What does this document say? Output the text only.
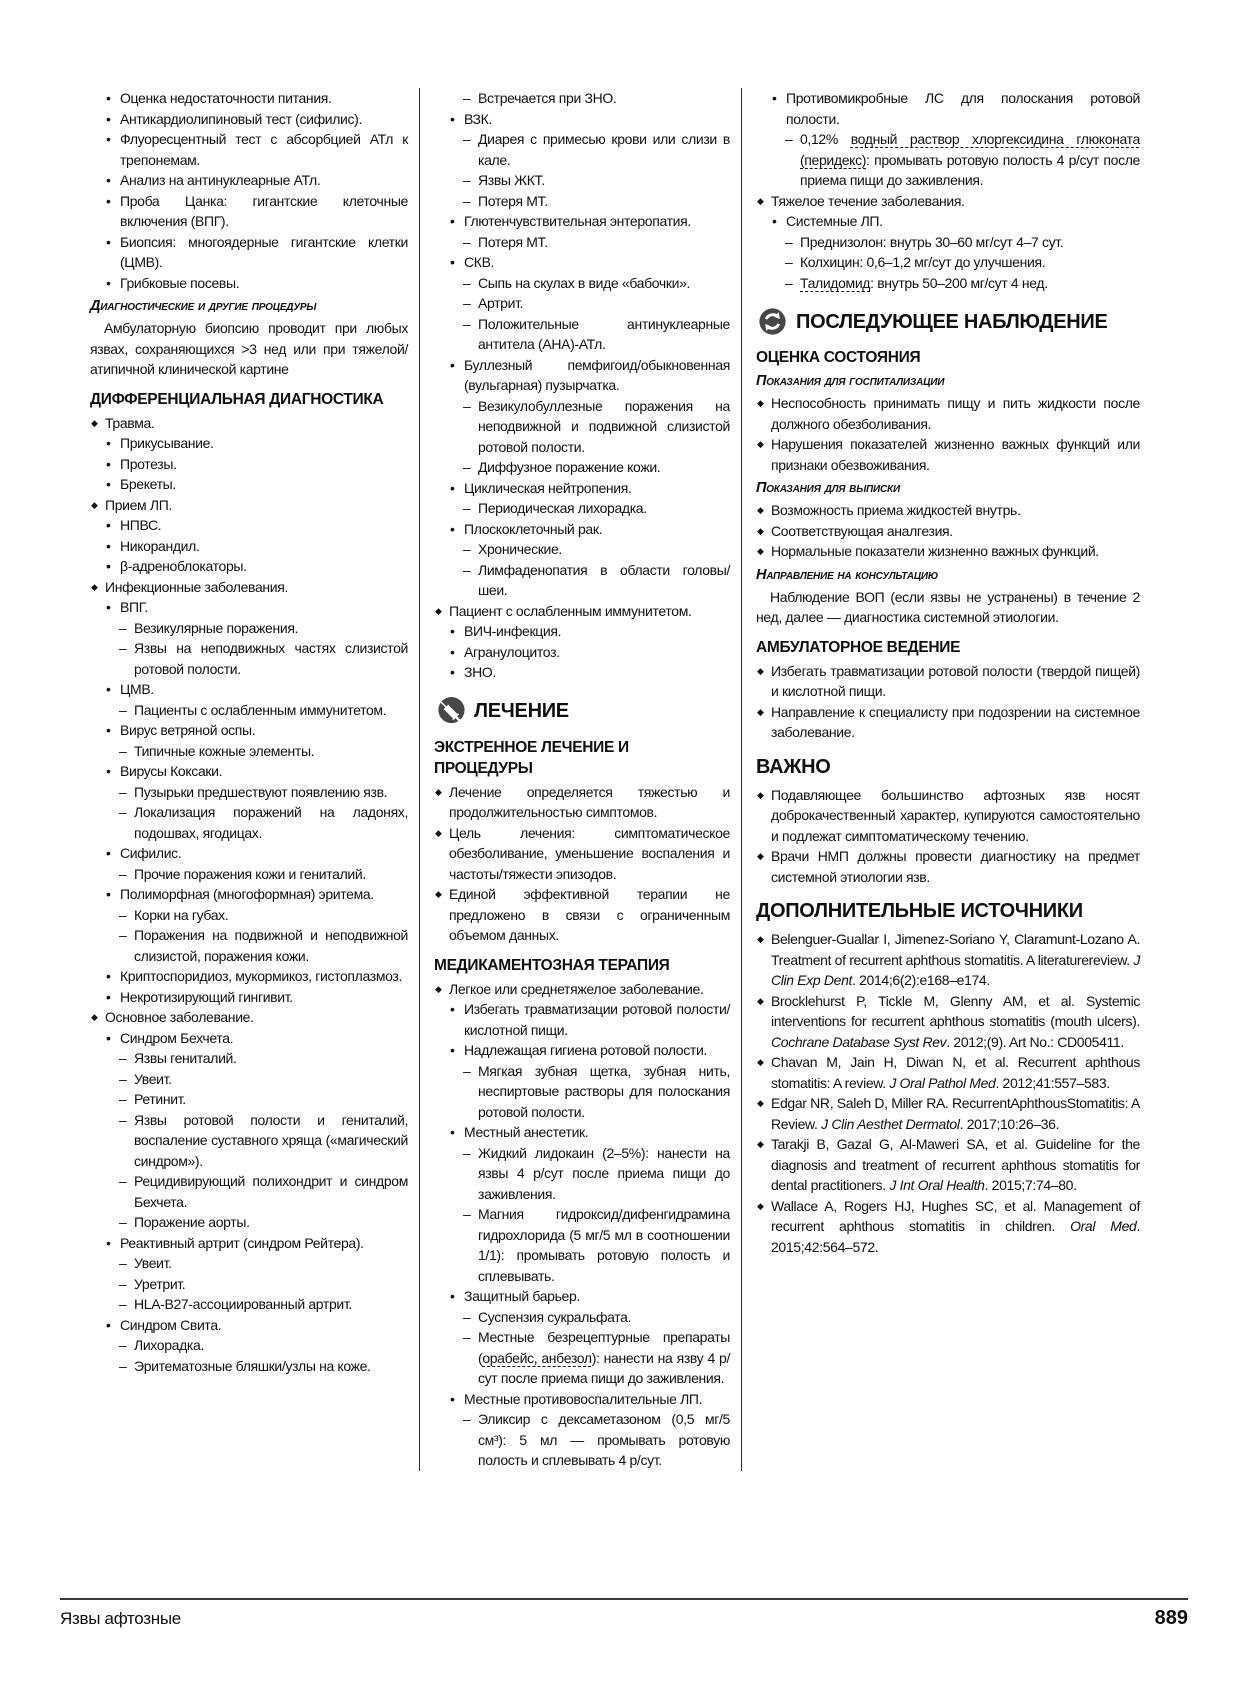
• Оценка недостаточности питания.
• Антикардиолипиновый тест (сифилис).
• Флуоресцентный тест с абсорбцией АТл к трепонемам.
• Анализ на антинуклеарные АТл.
• Проба Цанка: гигантские клеточные включения (ВПГ).
• Биопсия: многоядерные гигантские клетки (ЦМВ).
• Грибковые посевы.
Диагностические и другие процедуры
Амбулаторную биопсию проводит при любых язвах, сохраняющихся >3 нед или при тяжелой/атипичной клинической картине
ДИФФЕРЕНЦИАЛЬНАЯ ДИАГНОСТИКА
◆ Травма.
• Прикусывание.
• Протезы.
• Брекеты.
◆ Прием ЛП.
• НПВС.
• Никорандил.
• β-адреноблокаторы.
◆ Инфекционные заболевания.
• ВПГ.
– Везикулярные поражения.
– Язвы на неподвижных частях слизистой ротовой полости.
• ЦМВ.
– Пациенты с ослабленным иммунитетом.
• Вирус ветряной оспы.
– Типичные кожные элементы.
• Вирусы Коксаки.
– Пузырьки предшествуют появлению язв.
– Локализация поражений на ладонях, подошвах, ягодицах.
• Сифилис.
– Прочие поражения кожи и гениталий.
• Полиморфная (многоформная) эритема.
– Корки на губах.
– Поражения на подвижной и неподвижной слизистой, поражения кожи.
• Криптоспоридиоз, мукормикоз, гистоплазмоз.
• Некротизирующий гингивит.
◆ Основное заболевание.
• Синдром Бехчета.
– Язвы гениталий.
– Увеит.
– Ретинит.
– Язвы ротовой полости и гениталий, воспаление суставного хряща («магический синдром»).
– Рецидивирующий полихондрит и синдром Бехчета.
– Поражение аорты.
• Реактивный артрит (синдром Рейтера).
– Увеит.
– Уретрит.
– HLA-B27-ассоциированный артрит.
• Синдром Свита.
– Лихорадка.
– Эритематозные бляшки/узлы на коже.
– Встречается при ЗНО.
• ВЗК.
– Диарея с примесью крови или слизи в кале.
– Язвы ЖКТ.
– Потеря МТ.
• Глютенчувствительная энтеропатия.
– Потеря МТ.
• СКВ.
– Сыпь на скулах в виде «бабочки».
– Артрит.
– Положительные антинуклеарные антитела (АНА)-АТл.
• Буллезный пемфигоид/обыкновенная (вульгарная) пузырчатка.
– Везикулобуллезные поражения на неподвижной и подвижной слизистой ротовой полости.
– Диффузное поражение кожи.
• Циклическая нейтропения.
– Периодическая лихорадка.
• Плоскоклеточный рак.
– Хронические.
– Лимфаденопатия в области головы/шеи.
◆ Пациент с ослабленным иммунитетом.
• ВИЧ-инфекция.
• Агранулоцитоз.
• ЗНО.
ЛЕЧЕНИЕ
ЭКСТРЕННОЕ ЛЕЧЕНИЕ И ПРОЦЕДУРЫ
◆ Лечение определяется тяжестью и продолжительностью симптомов.
◆ Цель лечения: симптоматическое обезболивание, уменьшение воспаления и частоты/тяжести эпизодов.
◆ Единой эффективной терапии не предложено в связи с ограниченным объемом данных.
МЕДИКАМЕНТОЗНАЯ ТЕРАПИЯ
◆ Легкое или среднетяжелое заболевание.
• Избегать травматизации ротовой полости/кислотной пищи.
• Надлежащая гигиена ротовой полости.
– Мягкая зубная щетка, зубная нить, неспиртовые растворы для полоскания ротовой полости.
• Местный анестетик.
– Жидкий лидокаин (2–5%): нанести на язвы 4 р/сут после приема пищи до заживления.
– Магния гидроксид/дифенгидрамина гидрохлорида (5 мг/5 мл в соотношении 1/1): промывать ротовую полость и сплевывать.
• Защитный барьер.
– Суспензия сукральфата.
– Местные безрецептурные препараты (орабейс, анбезол): нанести на язву 4 р/сут после приема пищи до заживления.
• Местные противовоспалительные ЛП.
– Эликсир с дексаметазоном (0,5 мг/5 см³): 5 мл — промывать ротовую полость и сплевывать 4 р/сут.
• Противомикробные ЛС для полоскания ротовой полости.
– 0,12% водный раствор хлоргексидина глюконата (перидекс): промывать ротовую полость 4 р/сут после приема пищи до заживления.
◆ Тяжелое течение заболевания.
• Системные ЛП.
– Преднизолон: внутрь 30–60 мг/сут 4–7 сут.
– Колхицин: 0,6–1,2 мг/сут до улучшения.
– Талидомид: внутрь 50–200 мг/сут 4 нед.
ПОСЛЕДУЮЩЕЕ НАБЛЮДЕНИЕ
ОЦЕНКА СОСТОЯНИЯ
Показания для госпитализации
◆ Неспособность принимать пищу и пить жидкости после должного обезболивания.
◆ Нарушения показателей жизненно важных функций или признаки обезвоживания.
Показания для выписки
◆ Возможность приема жидкостей внутрь.
◆ Соответствующая аналгезия.
◆ Нормальные показатели жизненно важных функций.
Направление на консультацию
Наблюдение ВОП (если язвы не устранены) в течение 2 нед, далее — диагностика системной этиологии.
АМБУЛАТОРНОЕ ВЕДЕНИЕ
◆ Избегать травматизации ротовой полости (твердой пищей) и кислотной пищи.
◆ Направление к специалисту при подозрении на системное заболевание.
ВАЖНО
◆ Подавляющее большинство афтозных язв носят доброкачественный характер, купируются самостоятельно и подлежат симптоматическому течению.
◆ Врачи НМП должны провести диагностику на предмет системной этиологии язв.
ДОПОЛНИТЕЛЬНЫЕ ИСТОЧНИКИ
◆ Belenguer-Guallar I, Jimenez-Soriano Y, Claramunt-Lozano A. Treatment of recurrent aphthous stomatitis. A literaturereview. J Clin Exp Dent. 2014;6(2):e168–e174.
◆ Brocklehurst P, Tickle M, Glenny AM, et al. Systemic interventions for recurrent aphthous stomatitis (mouth ulcers). Cochrane Database Syst Rev. 2012;(9). Art No.: CD005411.
◆ Chavan M, Jain H, Diwan N, et al. Recurrent aphthous stomatitis: A review. J Oral Pathol Med. 2012;41:557–583.
◆ Edgar NR, Saleh D, Miller RA. RecurrentAphthousStomatitis: A Review. J Clin Aesthet Dermatol. 2017;10:26–36.
◆ Tarakji B, Gazal G, Al-Maweri SA, et al. Guideline for the diagnosis and treatment of recurrent aphthous stomatitis for dental practitioners. J Int Oral Health. 2015;7:74–80.
◆ Wallace A, Rogers HJ, Hughes SC, et al. Management of recurrent aphthous stomatitis in children. Oral Med. 2015;42:564–572.
Язвы афтозные	889
